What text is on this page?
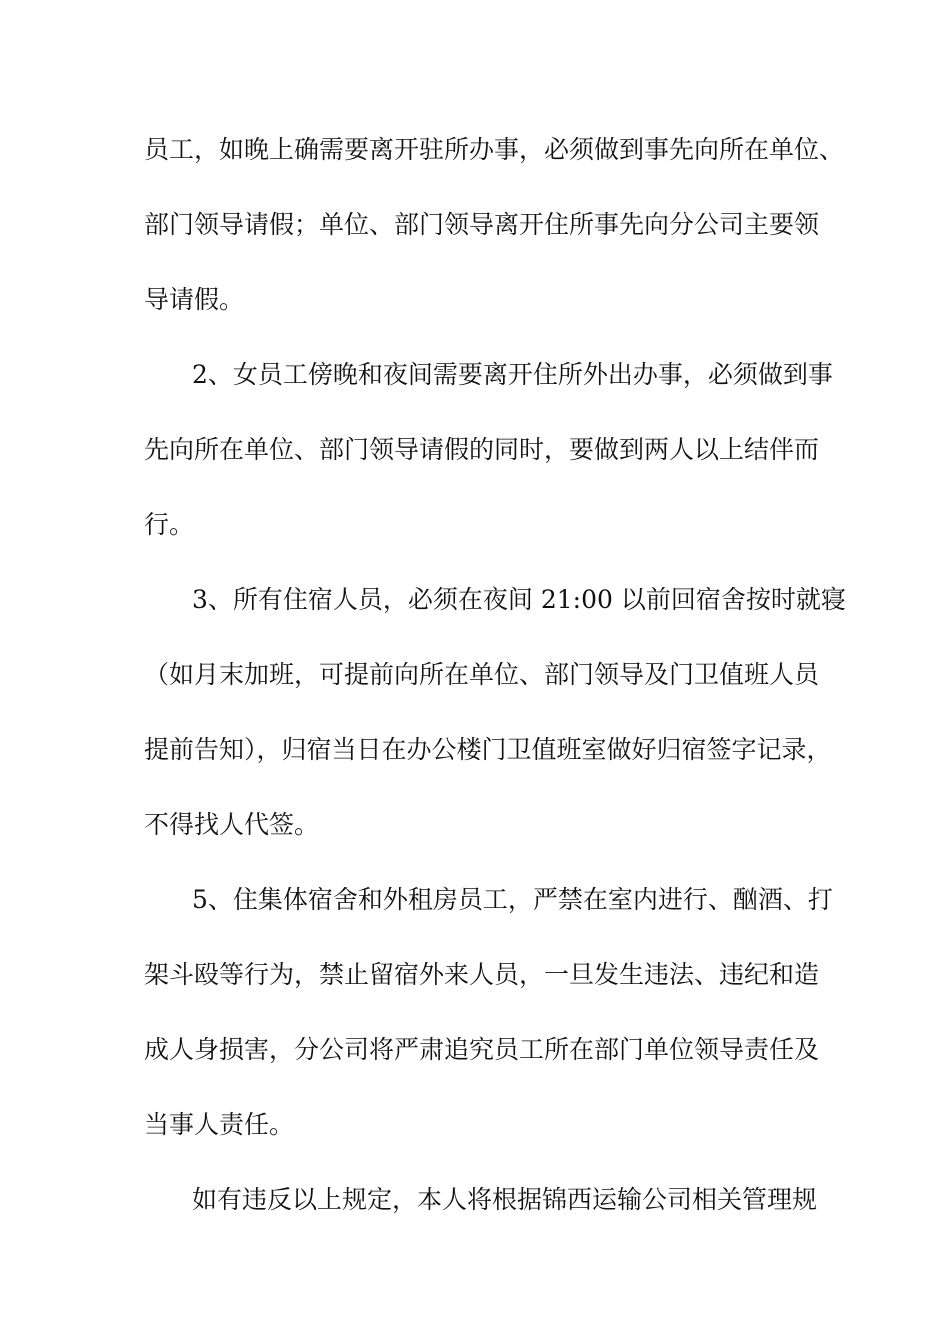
员工，如晚上确需要离开驻所办事，必须做到事先向所在单位、
部门领导请假；单位、部门领导离开住所事先向分公司主要领
导请假。
2、女员工傍晚和夜间需要离开住所外出办事，必须做到事
先向所在单位、部门领导请假的同时，要做到两人以上结伴而
行。
3、所有住宿人员，必须在夜间 21:00 以前回宿舍按时就寝
（如月末加班，可提前向所在单位、部门领导及门卫值班人员
提前告知），归宿当日在办公楼门卫值班室做好归宿签字记录，
不得找人代签。
5、住集体宿舍和外租房员工，严禁在室内进行、酗酒、打
架斗殴等行为，禁止留宿外来人员，一旦发生违法、违纪和造
成人身损害，分公司将严肃追究员工所在部门单位领导责任及
当事人责任。
如有违反以上规定，本人将根据锦西运输公司相关管理规
